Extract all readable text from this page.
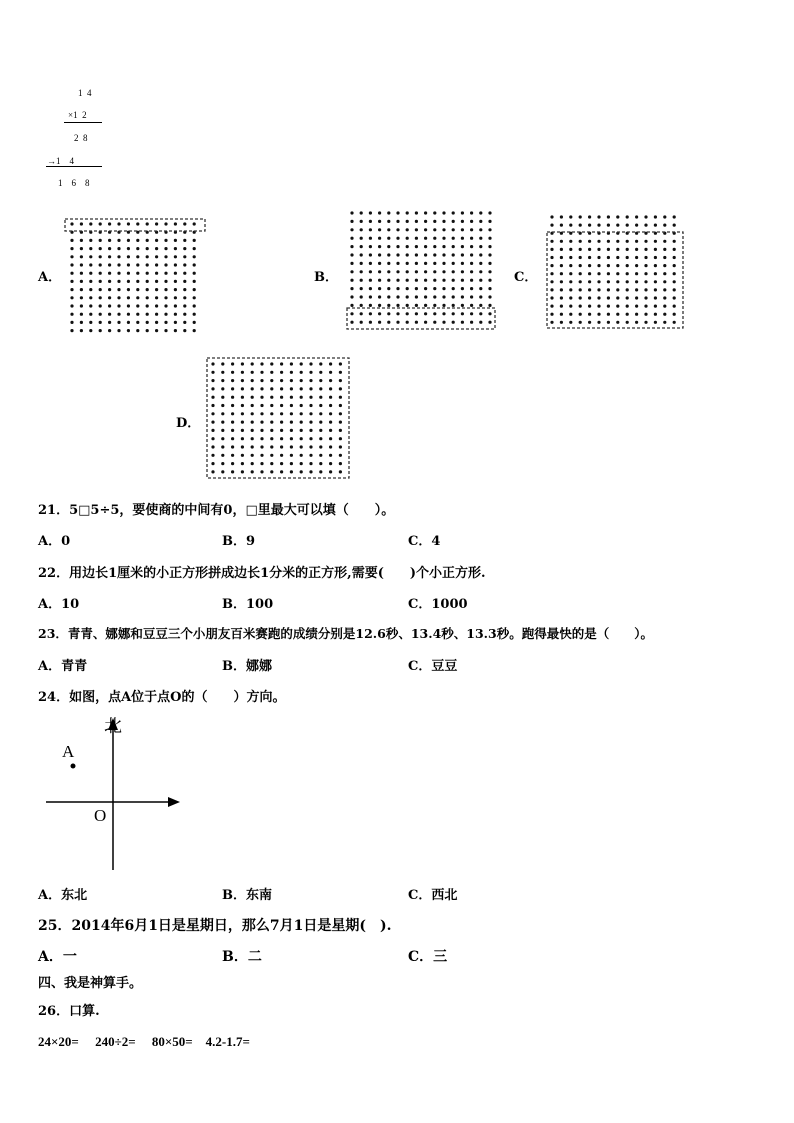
1  4
×1  2
2  8
→1    4
1    6    8
A．	B．	C．
D．
21．5□5÷5，要使商的中间有0，□里最大可以填（　　）。
A．0	B．9	C．4
22．用边长1厘米的小正方形拼成边长1分米的正方形,需要(　　)个小正方形.
A．10	B．100	C．1000
23．青青、娜娜和豆豆三个小朋友百米赛跑的成绩分别是12.6秒、13.4秒、13.3秒。跑得最快的是（　　）。
A．青青	B．娜娜	C．豆豆
24．如图，点A位于点O的（　　）方向。
北
A
O
A．东北	B．东南	C．西北
25．2014年6月1日是星期日，那么7月1日是星期(　).
A．一	B．二	C．三
四、我是神算手。
26．口算.
24×20=　 240÷2=　 80×50=　4.2-1.7=
